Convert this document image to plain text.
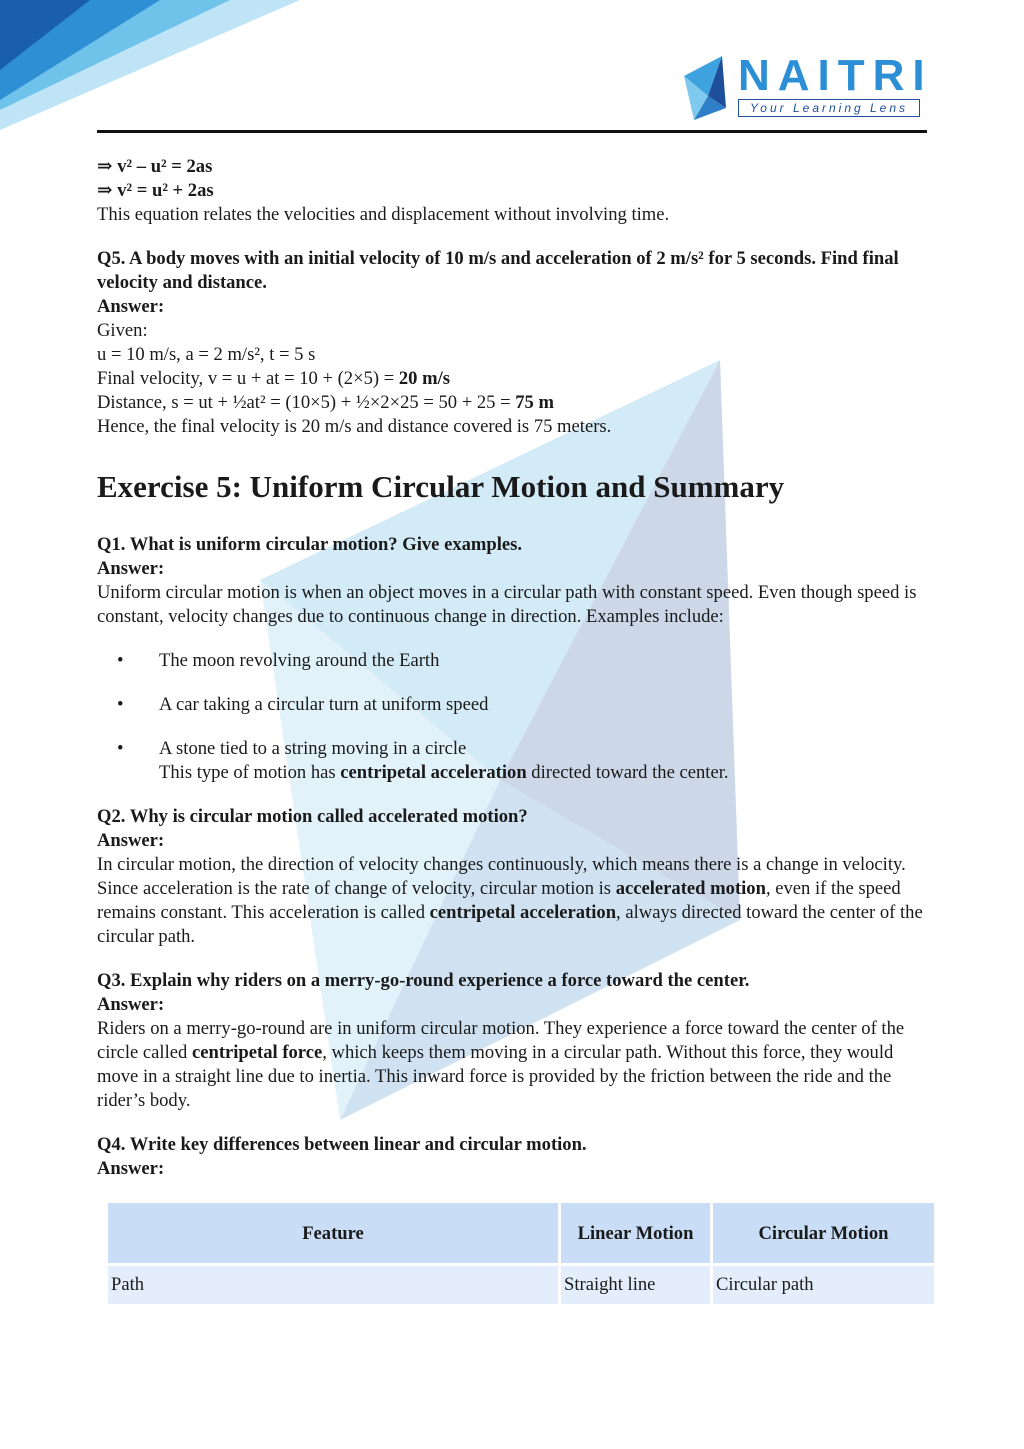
NAITRI
Your Learning Lens

⇒ v² – u² = 2as

⇒ v² = u² + 2as

This equation relates the velocities and displacement without involving time.

Q5. A body moves with an initial velocity of 10 m/s and acceleration of 2 m/s² for 5 seconds. Find final velocity and distance.

Answer:

Given:

u = 10 m/s, a = 2 m/s², t = 5 s

Final velocity, v = u + at = 10 + (2×5) = 20 m/s

Distance, s = ut + ½at² = (10×5) + ½×2×25 = 50 + 25 = 75 m

Hence, the final velocity is 20 m/s and distance covered is 75 meters.

Exercise 5: Uniform Circular Motion and Summary

Q1. What is uniform circular motion? Give examples.

Answer:

Uniform circular motion is when an object moves in a circular path with constant speed. Even though speed is constant, velocity changes due to continuous change in direction. Examples include:

• The moon revolving around the Earth
• A car taking a circular turn at uniform speed
• A stone tied to a string moving in a circle
This type of motion has centripetal acceleration directed toward the center.

Q2. Why is circular motion called accelerated motion?

Answer:

In circular motion, the direction of velocity changes continuously, which means there is a change in velocity. Since acceleration is the rate of change of velocity, circular motion is accelerated motion, even if the speed remains constant. This acceleration is called centripetal acceleration, always directed toward the center of the circular path.

Q3. Explain why riders on a merry-go-round experience a force toward the center.

Answer:

Riders on a merry-go-round are in uniform circular motion. They experience a force toward the center of the circle called centripetal force, which keeps them moving in a circular path. Without this force, they would move in a straight line due to inertia. This inward force is provided by the friction between the ride and the rider’s body.

Q4. Write key differences between linear and circular motion.

Answer:

Feature	Linear Motion	Circular Motion
Path	Straight line	Circular path
